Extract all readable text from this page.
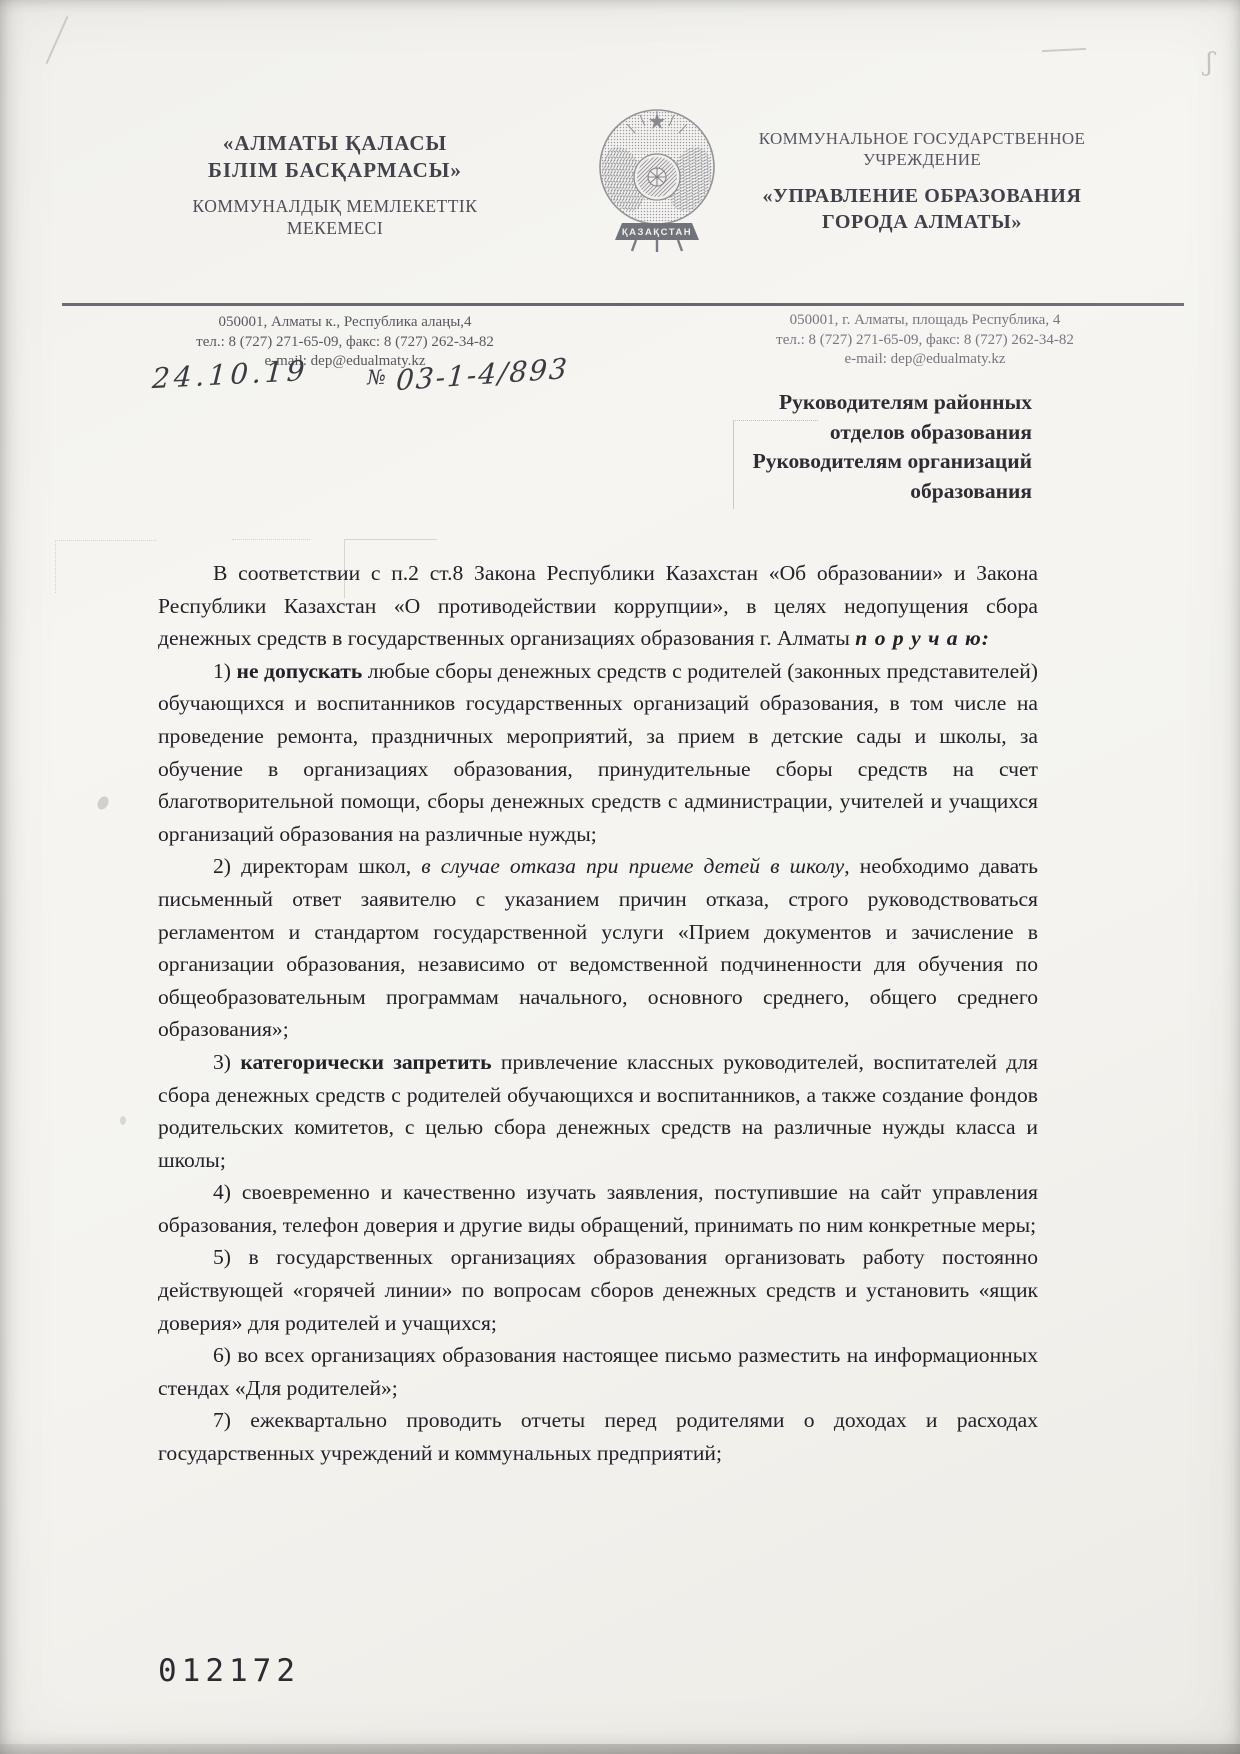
ʃ
«АЛМАТЫ ҚАЛАСЫ
БІЛІМ БАСҚАРМАСЫ»
КОММУНАЛДЫҚ МЕМЛЕКЕТТІК
МЕКЕМЕСІ	ҚАЗАҚСТАН
КОММУНАЛЬНОЕ ГОСУДАРСТВЕННОЕ
УЧРЕЖДЕНИЕ
«УПРАВЛЕНИЕ ОБРАЗОВАНИЯ
ГОРОДА АЛМАТЫ»
050001, Алматы к., Республика алаңы,4
тел.: 8 (727) 271-65-09, факс: 8 (727) 262-34-82
e-mail: dep@edualmaty.kz
050001, г. Алматы, площадь Республика, 4
тел.: 8 (727) 271-65-09, факс: 8 (727) 262-34-82
e-mail: dep@edualmaty.kz
24.10.19	№ 03-1-4/893
Руководителям районных
отделов образования
Руководителям организаций
образования

В соответствии с п.2 ст.8 Закона Республики Казахстан «Об образовании» и Закона Республики Казахстан «О противодействии коррупции», в целях недопущения сбора денежных средств в государственных организациях образования г. Алматы п о р у ч а ю:

1) не допускать любые сборы денежных средств с родителей (законных представителей) обучающихся и воспитанников государственных организаций образования, в том числе на проведение ремонта, праздничных мероприятий, за прием в детские сады и школы, за обучение в организациях образования, принудительные сборы средств на счет благотворительной помощи, сборы денежных средств с администрации, учителей и учащихся организаций образования на различные нужды;

2) директорам школ, в случае отказа при приеме детей в школу, необходимо давать письменный ответ заявителю с указанием причин отказа, строго руководствоваться регламентом и стандартом государственной услуги «Прием документов и зачисление в организации образования, независимо от ведомственной подчиненности для обучения по общеобразовательным программам начального, основного среднего, общего среднего образования»;

3) категорически запретить привлечение классных руководителей, воспитателей для сбора денежных средств с родителей обучающихся и воспитанников, а также создание фондов родительских комитетов, с целью сбора денежных средств на различные нужды класса и школы;

4) своевременно и качественно изучать заявления, поступившие на сайт управления образования, телефон доверия и другие виды обращений, принимать по ним конкретные меры;

5) в государственных организациях образования организовать работу постоянно действующей «горячей линии» по вопросам сборов денежных средств и установить «ящик доверия» для родителей и учащихся;

6) во всех организациях образования настоящее письмо разместить на информационных стендах «Для родителей»;

7) ежеквартально проводить отчеты перед родителями о доходах и расходах государственных учреждений и коммунальных предприятий;

012172
